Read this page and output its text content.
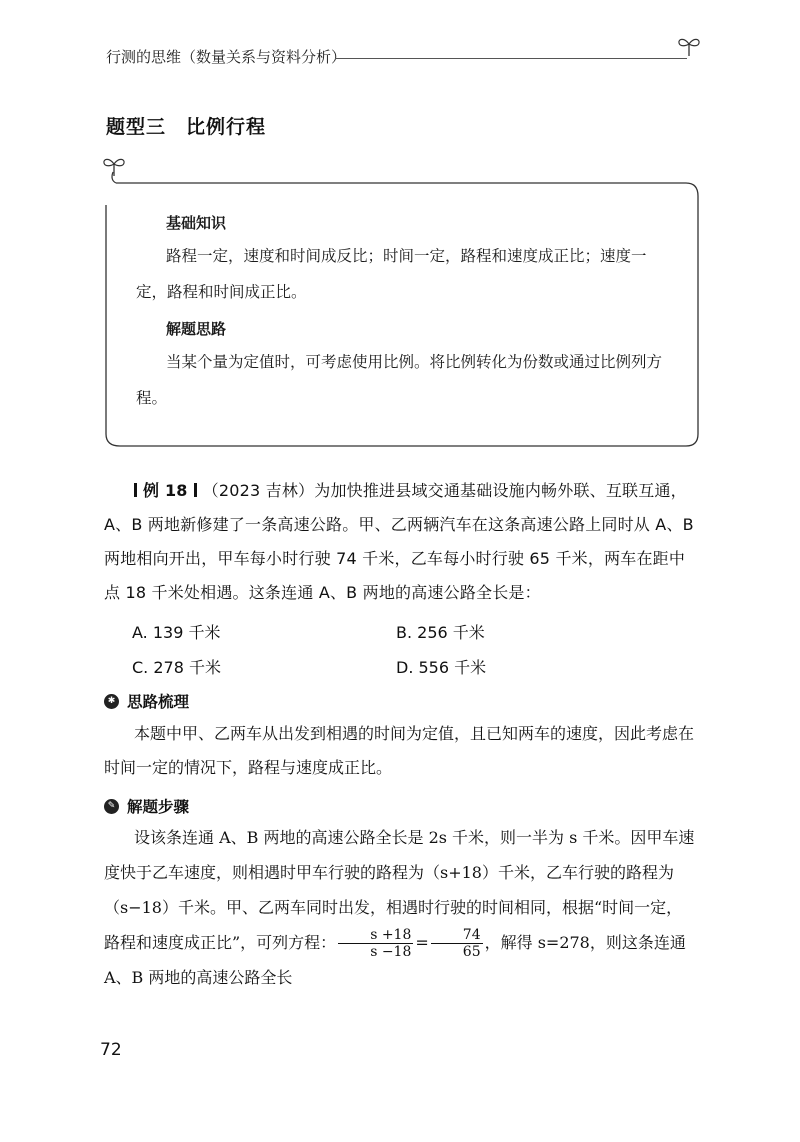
行测的思维（数量关系与资料分析）
题型三 比例行程
基础知识
路程一定，速度和时间成反比；时间一定，路程和速度成正比；速度一定，路程和时间成正比。
解题思路
当某个量为定值时，可考虑使用比例。将比例转化为份数或通过比例列方程。
例 18 （2023 吉林）为加快推进县域交通基础设施内畅外联、互联互通，A、B 两地新修建了一条高速公路。甲、乙两辆汽车在这条高速公路上同时从 A、B 两地相向开出，甲车每小时行驶 74 千米，乙车每小时行驶 65 千米，两车在距中点 18 千米处相遇。这条连通 A、B 两地的高速公路全长是：
A. 139 千米	B. 256 千米
C. 278 千米	D. 556 千米
✱ 思路梳理
本题中甲、乙两车从出发到相遇的时间为定值，且已知两车的速度，因此考虑在时间一定的情况下，路程与速度成正比。
✎ 解题步骤
设该条连通 A、B 两地的高速公路全长是 2s 千米，则一半为 s 千米。因甲车速度快于乙车速度，则相遇时甲车行驶的路程为（s+18）千米，乙车行驶的路程为（s−18）千米。甲、乙两车同时出发，相遇时行驶的时间相同，根据“时间一定，路程和速度成正比”，可列方程： $\frac{s +18}{s -18} = \frac{74}{65}$ ，解得 s=278，则这条连通 A、B 两地的高速公路全长
72
